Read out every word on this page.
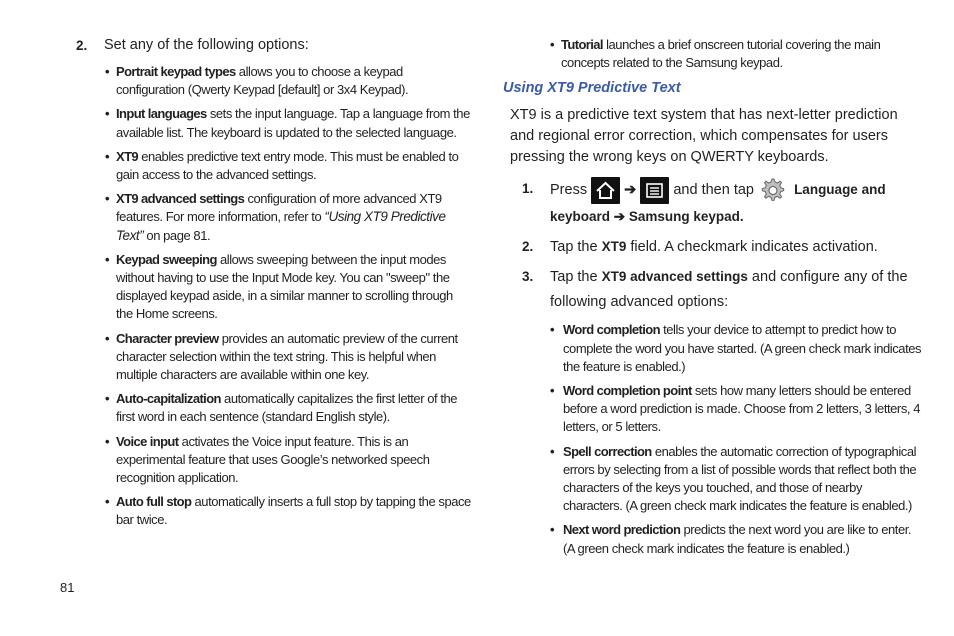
2.	Set any of the following options:
• Portrait keypad types allows you to choose a keypad configuration (Qwerty Keypad [default] or 3x4 Keypad).
• Input languages sets the input language. Tap a language from the available list. The keyboard is updated to the selected language.
• XT9 enables predictive text entry mode. This must be enabled to gain access to the advanced settings.
• XT9 advanced settings configuration of more advanced XT9 features. For more information, refer to “Using XT9 Predictive Text” on page 81.
• Keypad sweeping allows sweeping between the input modes without having to use the Input Mode key. You can "sweep" the displayed keypad aside, in a similar manner to scrolling through the Home screens.
• Character preview provides an automatic preview of the current character selection within the text string. This is helpful when multiple characters are available within one key.
• Auto-capitalization automatically capitalizes the first letter of the first word in each sentence (standard English style).
• Voice input activates the Voice input feature. This is an experimental feature that uses Google’s networked speech recognition application.
• Auto full stop automatically inserts a full stop by tapping the space bar twice.
• Tutorial launches a brief onscreen tutorial covering the main concepts related to the Samsung keypad.
Using XT9 Predictive Text
XT9 is a predictive text system that has next-letter prediction and regional error correction, which compensates for users pressing the wrong keys on QWERTY keyboards.
1.	Press	➔	and then tap	Language and keyboard ➔ Samsung keypad.
2.	Tap the XT9 field. A checkmark indicates activation.
3.	Tap the XT9 advanced settings and configure any of the following advanced options:
• Word completion tells your device to attempt to predict how to complete the word you have started. (A green check mark indicates the feature is enabled.)
• Word completion point sets how many letters should be entered before a word prediction is made. Choose from 2 letters, 3 letters, 4 letters, or 5 letters.
• Spell correction enables the automatic correction of typographical errors by selecting from a list of possible words that reflect both the characters of the keys you touched, and those of nearby characters. (A green check mark indicates the feature is enabled.)
• Next word prediction predicts the next word you are like to enter. (A green check mark indicates the feature is enabled.)
81
